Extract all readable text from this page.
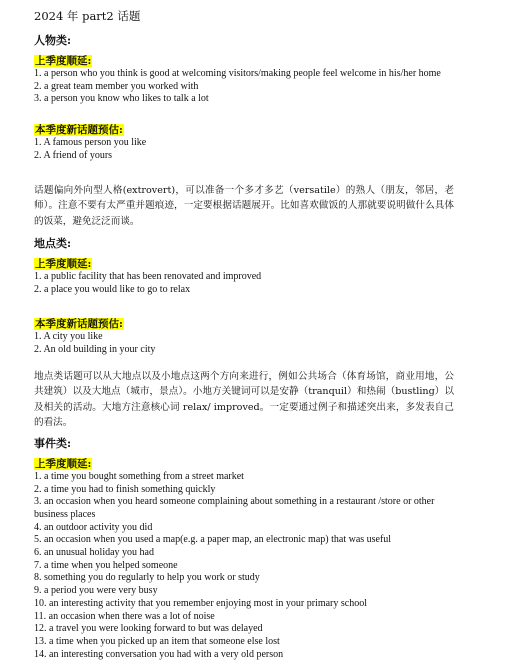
2024 年 part2 话题
人物类:
上季度顺延:
1. a person who you think is good at welcoming visitors/making people feel welcome in his/her home
2. a great team member you worked with
3. a person you know who likes to talk a lot
本季度新话题预估:
1. A famous person you like
2. A friend of yours
话题偏向外向型人格(extrovert)，可以准备一个多才多艺（versatile）的熟人（朋友，邻居，老师）。注意不要有太严重并题痕迹，一定要根据话题展开。比如喜欢做饭的人那就要说明做什么具体的饭菜，避免泛泛而谈。
地点类:
上季度顺延:
1. a public facility that has been renovated and improved
2. a place you would like to go to relax
本季度新话题预估:
1. A city you like
2. An old building in your city
地点类话题可以从大地点以及小地点这两个方向来进行，例如公共场合（体育场馆，商业用地，公共建筑）以及大地点（城市，景点）。小地方关键词可以是安静（tranquil）和热闹（bustling）以及相关的活动。大地方注意核心词 relax/ improved。一定要通过例子和描述突出来，多发表自己的看法。
事件类:
上季度顺延:
1. a time you bought something from a street market
2. a time you had to finish something quickly
3. an occasion when you heard someone complaining about something in a restaurant /store or other business places
4. an outdoor activity you did
5. an occasion when you used a map(e.g. a paper map, an electronic map) that was useful
6. an unusual holiday you had
7. a time when you helped someone
8. something you do regularly to help you work or study
9. a period you were very busy
10. an interesting activity that you remember enjoying most in your primary school
11. an occasion when there was a lot of noise
12. a travel you were looking forward to but was delayed
13. a time when you picked up an item that someone else lost
14. an interesting conversation you had with a very old person
